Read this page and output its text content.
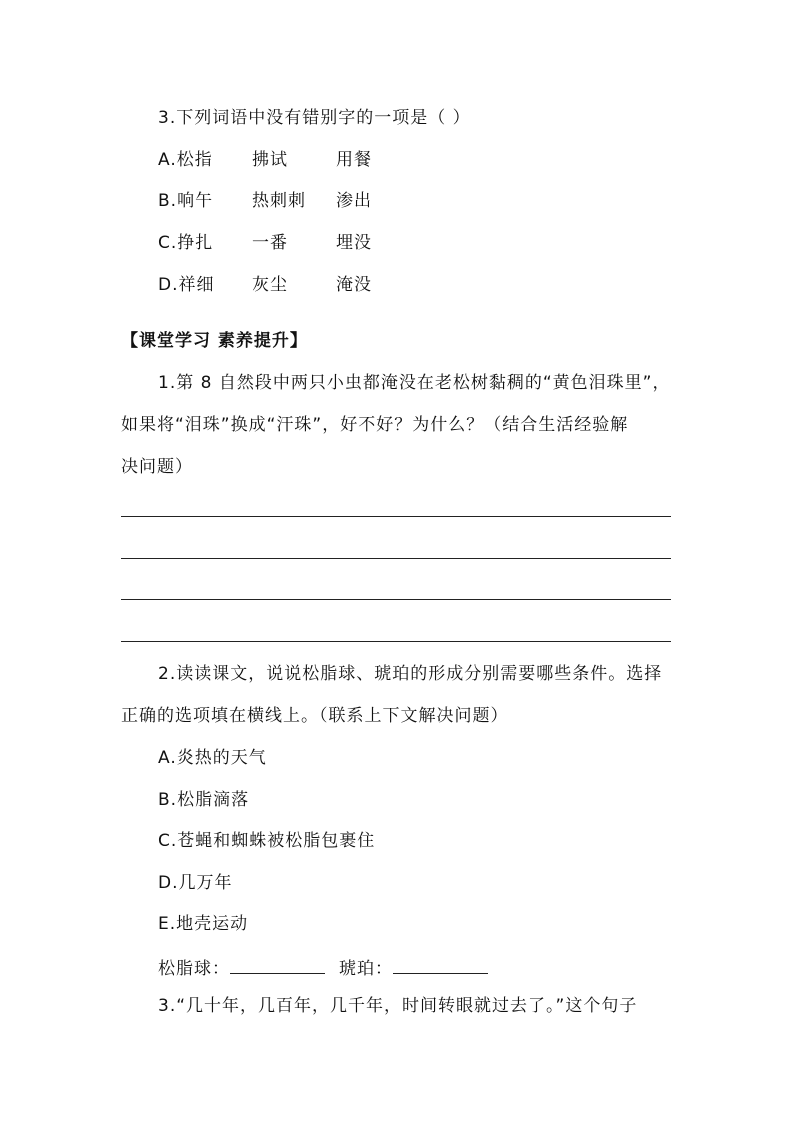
3.下列词语中没有错别字的一项是（ ）
A.松指 拂试	用餐
B.响午 热刺刺 渗出
C.挣扎 一番	埋没
D.祥细 灰尘	淹没
【课堂学习 素养提升】
1.第 8 自然段中两只小虫都淹没在老松树黏稠的“黄色泪珠里”，
如果将“泪珠”换成“汗珠”，好不好？为什么？（结合生活经验解
决问题）
2.读读课文，说说松脂球、琥珀的形成分别需要哪些条件。选择
正确的选项填在横线上。（联系上下文解决问题）
A.炎热的天气
B.松脂滴落
C.苍蝇和蜘蛛被松脂包裹住
D.几万年
E.地壳运动
松脂球：	琥珀：
3.“几十年，几百年，几千年，时间转眼就过去了。”这个句子
